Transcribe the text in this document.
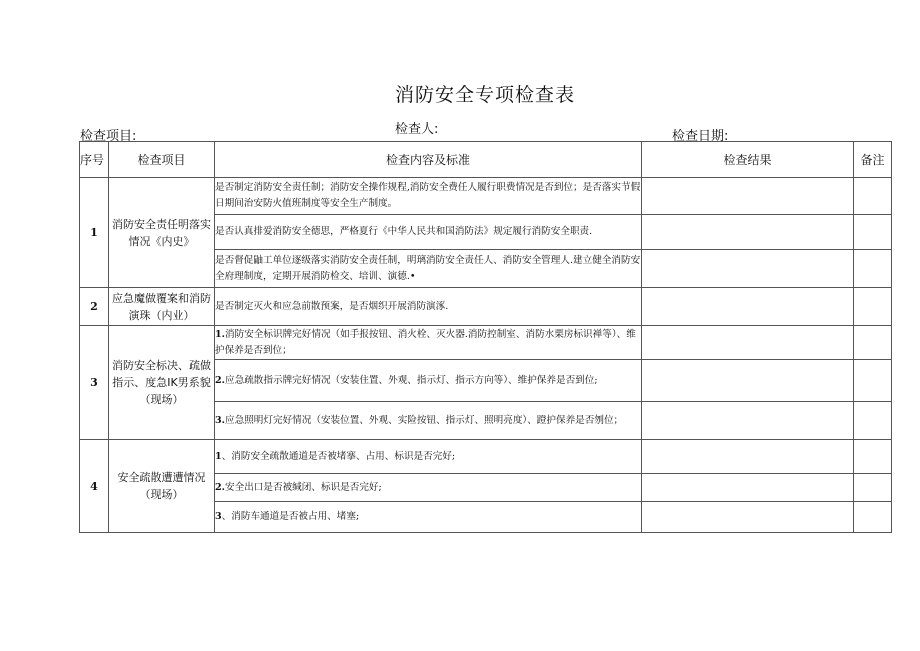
消防安全专项检查表
检查项目:	检查人:	检查日期:
序号	检查项目	检查内容及标准	检查结果	备注
1	消防安全责任明落实情况《内史》	是否制定消防安全责任制；消防安全操作规程,消防安全费任人履行职费情况是否到位；是否落实节假日期间治安防火值班制度等安全生产制度。		
		是否认真排爱消防安全德思，严格夏行《中华人民共和国消防法》规定履行消防安全职责.		
		是否督促鼬工单位逐级落实消防安全责任制，明璃消防安全责任人、消防安全管理人.建立健全消防安全府理制度，定期开展消防检交、培训、演德.•		
2	应急魔做覆案和消防演珠（内业）	是否制定灭火和应急前散预案，是否烟织开展消防演涿.		
3	消防安全标决、疏做指示、度急IK男系貌（现场）	1.消防安全标识牌完好情况（如手报按钮、消火栓、灭火器.消防控制室、消防水栗房标识禅等）、维护保养是否到位；		
		2.应急疏散指示牌完好情况（安装住置、外观、指示灯、指示方向等）、维护保养是否到位;		
		3.应急照明灯完好情况（安装位置、外观、实险按钮、指示灯、照明亮度）、蹬护保养是否刎位；		
4	安全疏散遭遭情况（现场）	1、消防安全疏散通道是否被堵搴、占用、标识是否完好;		
		2.安全出口是否被缄闭、标识是否完好;		
		3、消防车通道是否被占用、堵塞;		
